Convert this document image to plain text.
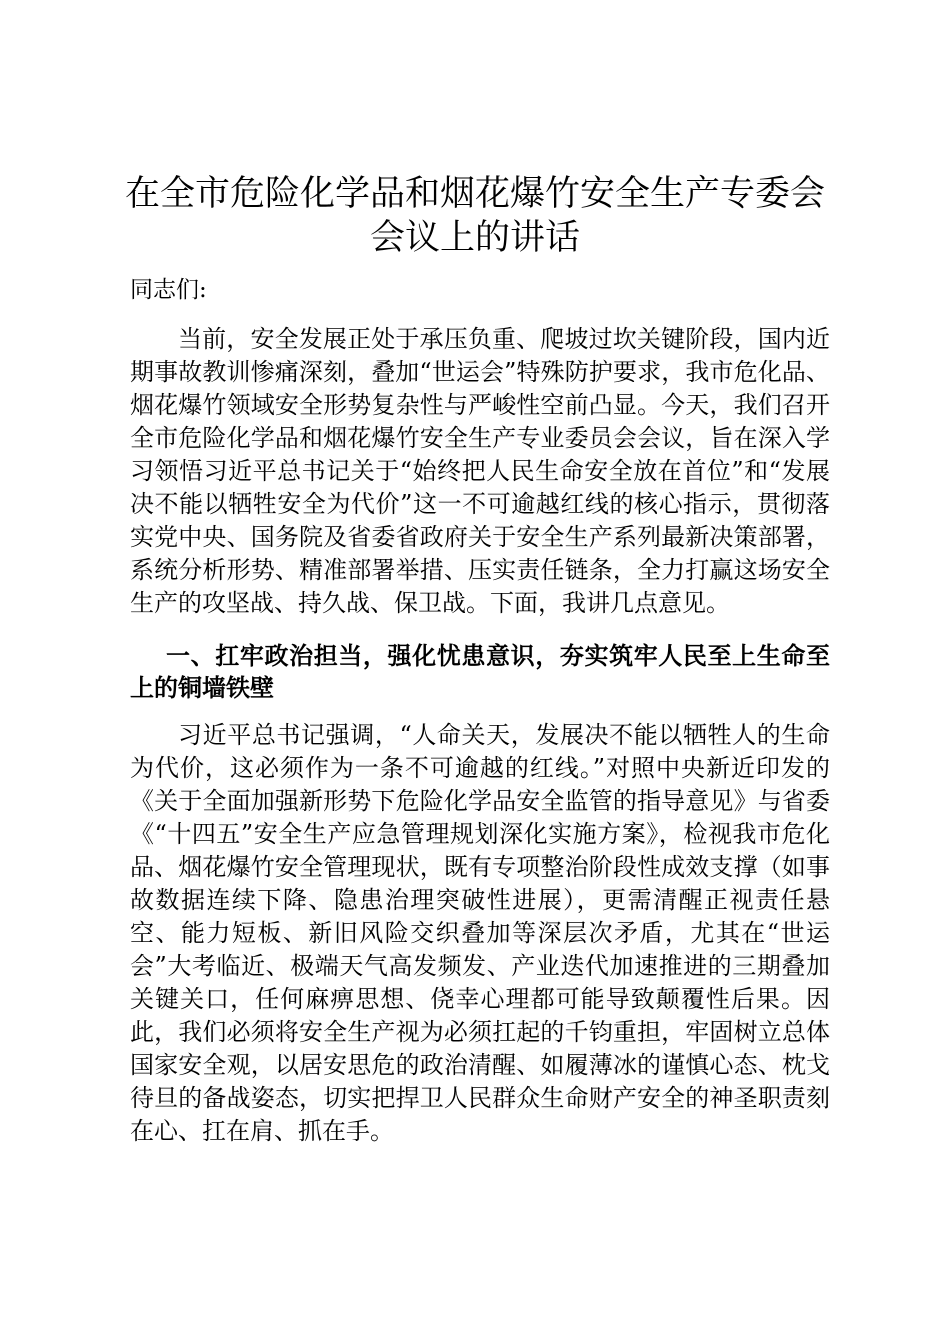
在全市危险化学品和烟花爆竹安全生产专委会
会议上的讲话

同志们:

当前，安全发展正处于承压负重、爬坡过坎关键阶段，国内近期事故教训惨痛深刻，叠加“世运会”特殊防护要求，我市危化品、烟花爆竹领域安全形势复杂性与严峻性空前凸显。今天，我们召开全市危险化学品和烟花爆竹安全生产专业委员会会议，旨在深入学习领悟习近平总书记关于“始终把人民生命安全放在首位”和“发展决不能以牺牲安全为代价”这一不可逾越红线的核心指示，贯彻落实党中央、国务院及省委省政府关于安全生产系列最新决策部署，系统分析形势、精准部署举措、压实责任链条，全力打赢这场安全生产的攻坚战、持久战、保卫战。下面，我讲几点意见。

一、扛牢政治担当，强化忧患意识，夯实筑牢人民至上生命至上的铜墙铁壁

习近平总书记强调，“人命关天，发展决不能以牺牲人的生命为代价，这必须作为一条不可逾越的红线。”对照中央新近印发的《关于全面加强新形势下危险化学品安全监管的指导意见》与省委《“十四五”安全生产应急管理规划深化实施方案》，检视我市危化品、烟花爆竹安全管理现状，既有专项整治阶段性成效支撑（如事故数据连续下降、隐患治理突破性进展），更需清醒正视责任悬空、能力短板、新旧风险交织叠加等深层次矛盾，尤其在“世运会”大考临近、极端天气高发频发、产业迭代加速推进的三期叠加关键关口，任何麻痹思想、侥幸心理都可能导致颠覆性后果。因此，我们必须将安全生产视为必须扛起的千钧重担，牢固树立总体国家安全观，以居安思危的政治清醒、如履薄冰的谨慎心态、枕戈待旦的备战姿态，切实把捍卫人民群众生命财产安全的神圣职责刻在心、扛在肩、抓在手。
